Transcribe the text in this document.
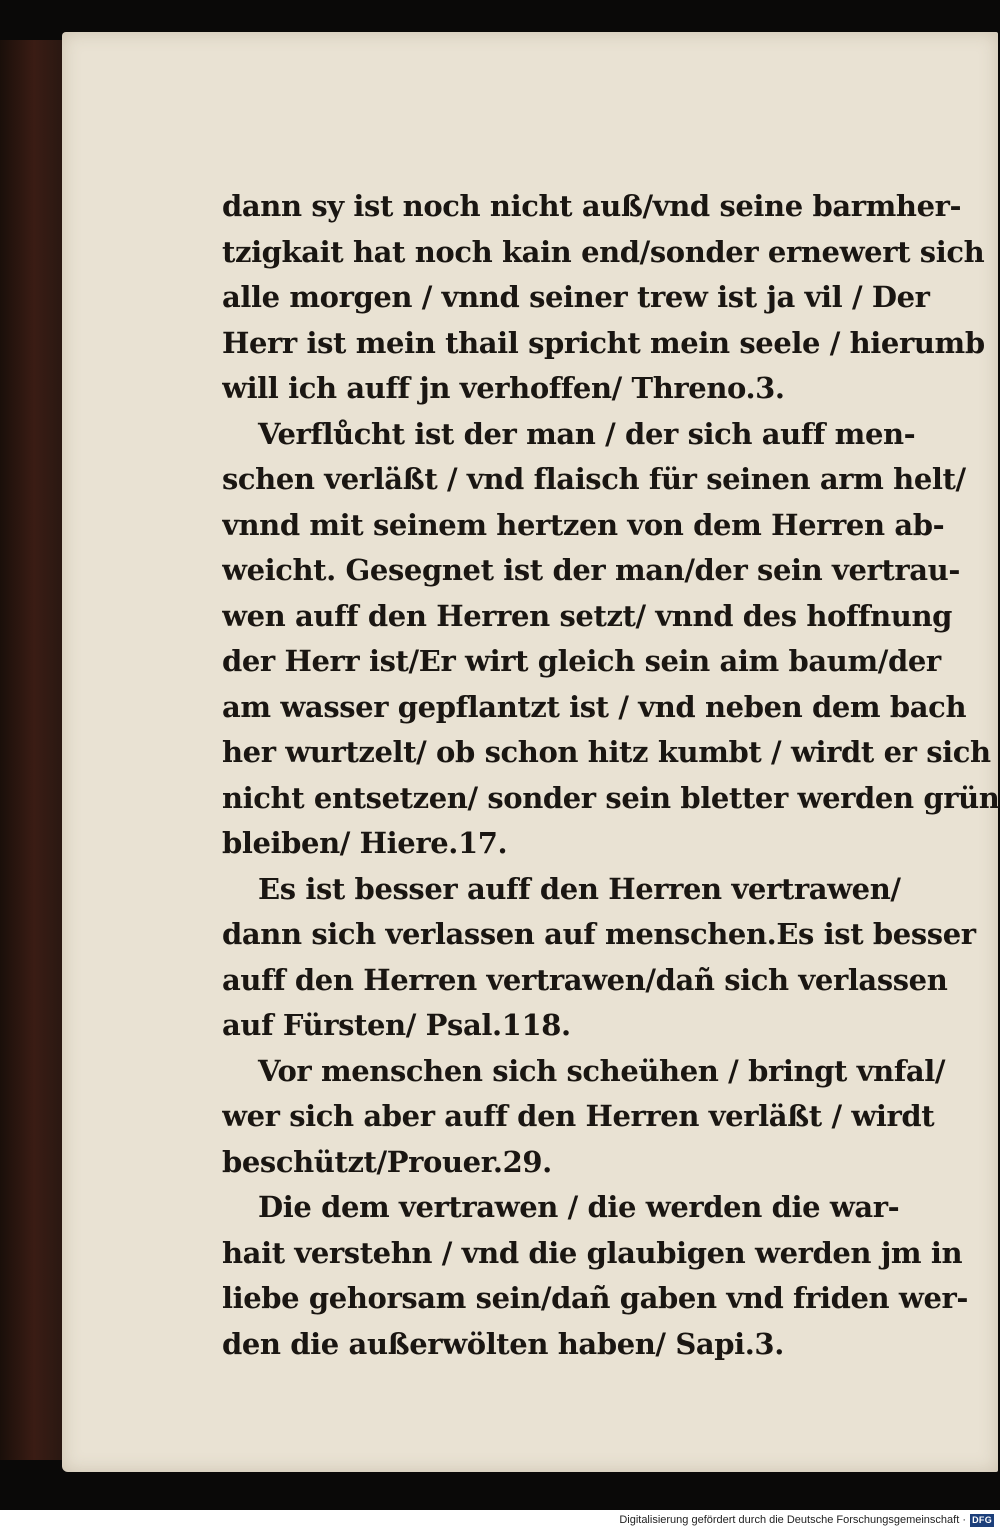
dann sy ist noch nicht auß/vnd seine barmher-
tzigkait hat noch kain end/sonder ernewert sich
alle morgen / vnnd seiner trew ist ja vil / Der
Herr ist mein thail spricht mein seele / hierumb
will ich auff jn verhoffen/ Threno.3.
Verflůcht ist der man / der sich auff men-
schen verläßt / vnd flaisch für seinen arm helt/
vnnd mit seinem hertzen von dem Herren ab-
weicht. Gesegnet ist der man/der sein vertrau-
wen auff den Herren setzt/ vnnd des hoffnung
der Herr ist/Er wirt gleich sein aim baum/der
am wasser gepflantzt ist / vnd neben dem bach
her wurtzelt/ ob schon hitz kumbt / wirdt er sich
nicht entsetzen/ sonder sein bletter werden grün
bleiben/ Hiere.17.
Es ist besser auff den Herren vertrawen/
dann sich verlassen auf menschen.Es ist besser
auff den Herren vertrawen/dañ sich verlassen
auf Fürsten/ Psal.118.
Vor menschen sich scheühen / bringt vnfal/
wer sich aber auff den Herren verläßt / wirdt
beschützt/Prouer.29.
Die dem vertrawen / die werden die war-
hait verstehn / vnd die glaubigen werden jm in
liebe gehorsam sein/dañ gaben vnd friden wer-
den die außerwölten haben/ Sapi.3.
Digitalisierung gefördert durch die Deutsche Forschungsgemeinschaft · DFG
